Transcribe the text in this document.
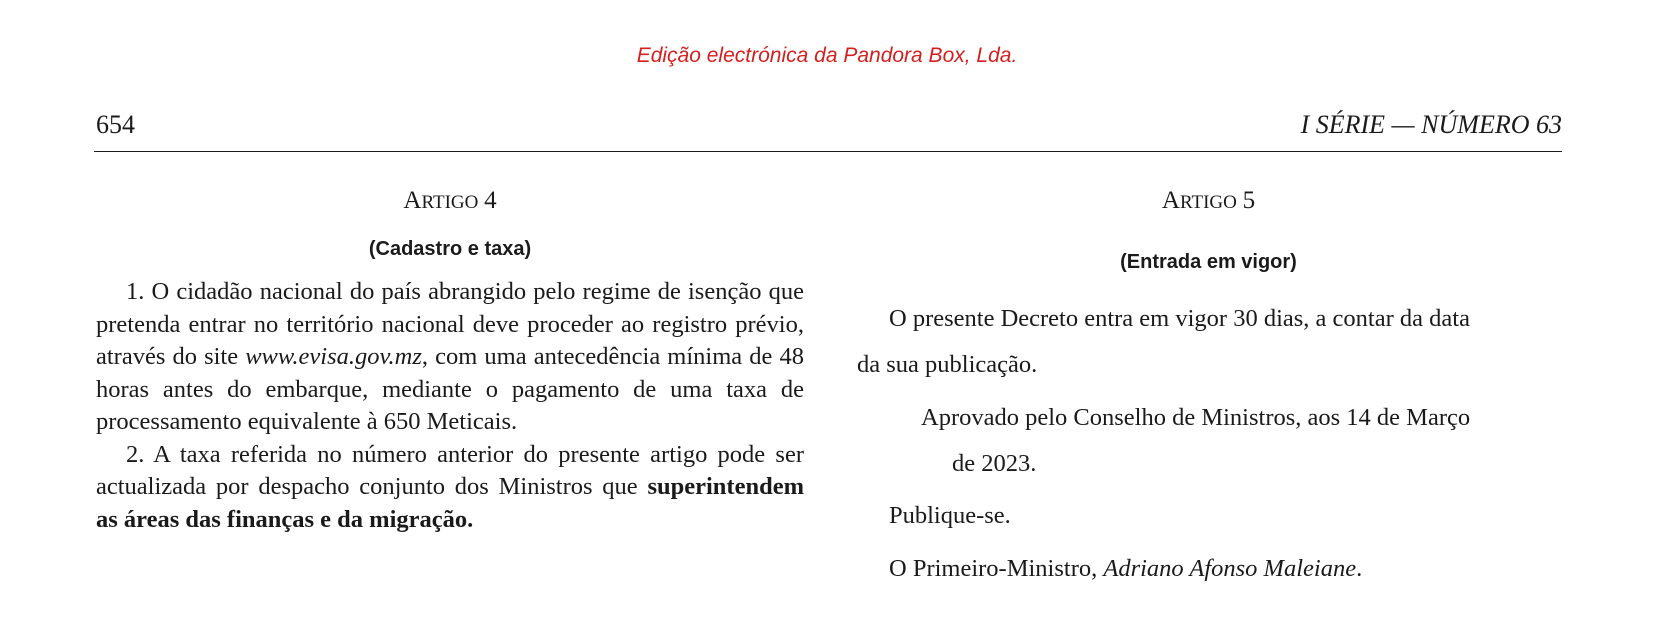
Edição electrónica da Pandora Box, Lda.
654	I SÉRIE — NÚMERO 63
ARTIGO 4
(Cadastro e taxa)

1. O cidadão nacional do país abrangido pelo regime de isenção que pretenda entrar no território nacional deve proceder ao registro prévio, através do site www.evisa.gov.mz, com uma antecedência mínima de 48 horas antes do embarque, mediante o pagamento de uma taxa de processamento equivalente à 650 Meticais.

2. A taxa referida no número anterior do presente artigo pode ser actualizada por despacho conjunto dos Ministros que superintendem as áreas das finanças e da migração.

ARTIGO 5
(Entrada em vigor)
O presente Decreto entra em vigor 30 dias, a contar da data
da sua publicação.
Aprovado pelo Conselho de Ministros, aos 14 de Março
de 2023.
Publique-se.
O Primeiro-Ministro, Adriano Afonso Maleiane.
